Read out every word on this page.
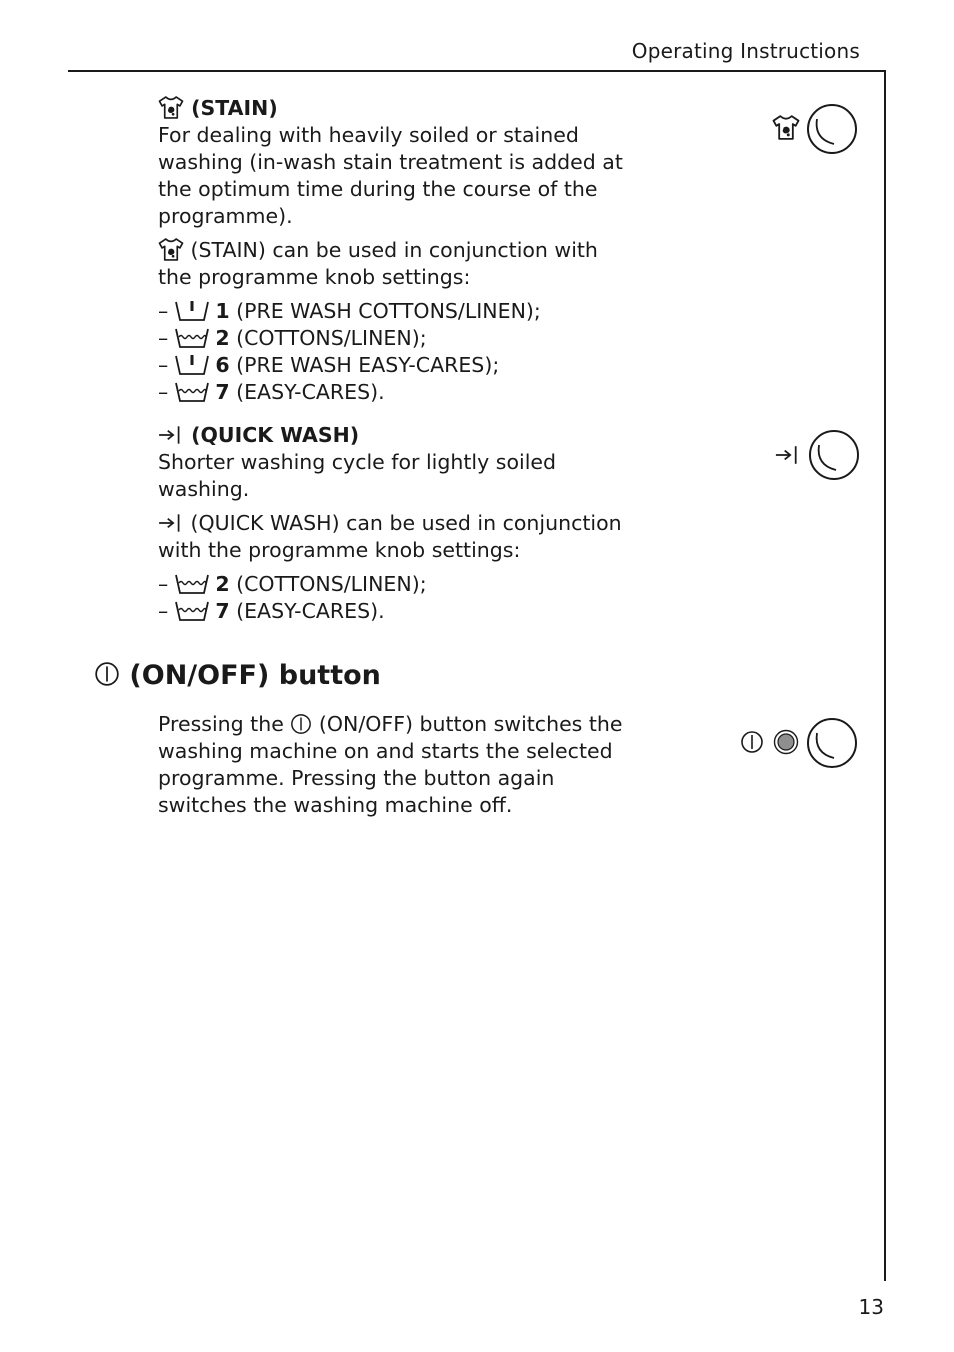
Operating Instructions
13
(STAIN)
For dealing with heavily soiled or stained
washing (in-wash stain treatment is added at
the optimum time during the course of the
programme).
(STAIN) can be used in conjunction with
the programme knob settings:
– 1 (PRE WASH COTTONS/LINEN);
– 2 (COTTONS/LINEN);
– 6 (PRE WASH EASY-CARES);
– 7 (EASY-CARES).
(QUICK WASH)
Shorter washing cycle for lightly soiled
washing.
(QUICK WASH) can be used in conjunction
with the programme knob settings:
– 2 (COTTONS/LINEN);
– 7 (EASY-CARES).
(ON/OFF) button
Pressing the (ON/OFF) button switches the
washing machine on and starts the selected
programme. Pressing the button again
switches the washing machine off.
